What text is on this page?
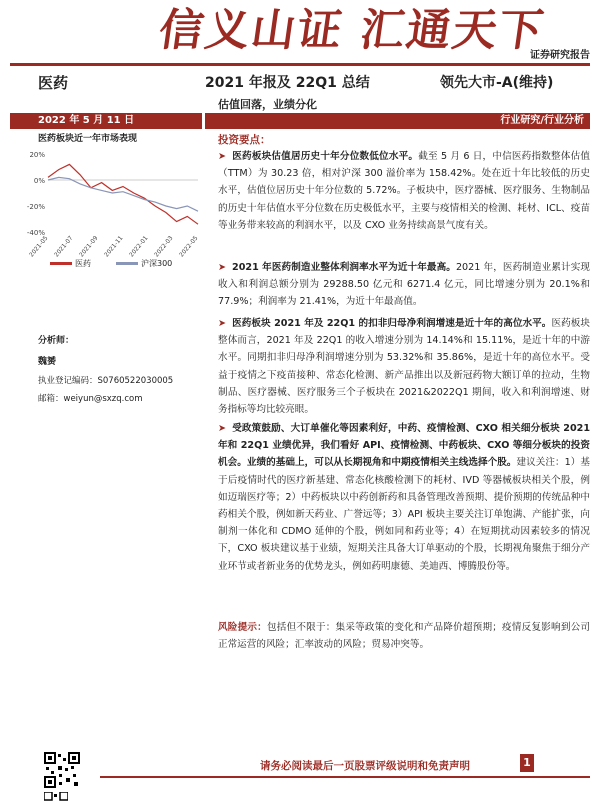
信义山证 汇通天下
证券研究报告
医药	2021 年报及 22Q1 总结	领先大市-A(维持)
估值回落，业绩分化
2022 年 5 月 11 日	行业研究/行业分析
医药板块近一年市场表现
20%
0%
-20%
-40%
2021-05 2021-07 2021-09 2021-11 2022-01 2022-03 2022-05
医药	沪深300
分析师：
魏赟
执业登记编码：S0760522030005
邮箱：weiyun@sxzq.com
投资要点：
➤ 医药板块估值居历史十年分位数低位水平。截至 5 月 6 日，中信医药指数整体估值（TTM）为 30.23 倍，相对沪深 300 溢价率为 158.42%。处在近十年比较低的历史水平，估值位居历史十年分位数的 5.72%。子板块中，医疗器械、医疗服务、生物制品的历史十年估值水平分位数在历史极低水平，主要与疫情相关的检测、耗材、ICL、疫苗等业务带来较高的利润水平，以及 CXO 业务持续高景气度有关。
➤ 2021 年医药制造业整体利润率水平为近十年最高。2021 年，医药制造业累计实现收入和利润总额分别为 29288.50 亿元和 6271.4 亿元，同比增速分别为 20.1%和 77.9%；利润率为 21.41%，为近十年最高值。
➤ 医药板块 2021 年及 22Q1 的扣非归母净利润增速是近十年的高位水平。医药板块整体而言，2021 年及 22Q1 的收入增速分别为 14.14%和 15.11%，是近十年的中游水平。同期扣非归母净利润增速分别为 53.32%和 35.86%，是近十年的高位水平。受益于疫情之下疫苗接种、常态化检测、新产品推出以及新冠药物大额订单的拉动，生物制品、医疗器械、医疗服务三个子板块在 2021&2022Q1 期间，收入和利润增速、财务指标等均比较亮眼。
➤ 受政策鼓励、大订单催化等因素利好，中药、疫情检测、CXO 相关细分板块 2021 年和 22Q1 业绩优异，我们看好 API、疫情检测、中药板块、CXO 等细分板块的投资机会。业绩的基础上，可以从长期视角和中期疫情相关主线选择个股。建议关注：1）基于后疫情时代的医疗新基建、常态化核酸检测下的耗材、IVD 等器械板块相关个股，例如迈瑞医疗等；2）中药板块以中药创新药和具备管理改善预期、提价预期的传统品种中药相关个股，例如新天药业、广誉远等；3）API 板块主要关注订单饱满、产能扩张，向制剂一体化和 CDMO 延伸的个股，例如同和药业等；4）在短期扰动因素较多的情况下，CXO 板块建议基于业绩，短期关注具备大订单驱动的个股，长期视角聚焦于细分产业环节或者新业务的优势龙头，例如药明康德、美迪西、博腾股份等。
风险提示：包括但不限于：集采等政策的变化和产品降价超预期；疫情反复影响到公司正常运营的风险；汇率波动的风险；贸易冲突等。
请务必阅读最后一页股票评级说明和免责声明	1
